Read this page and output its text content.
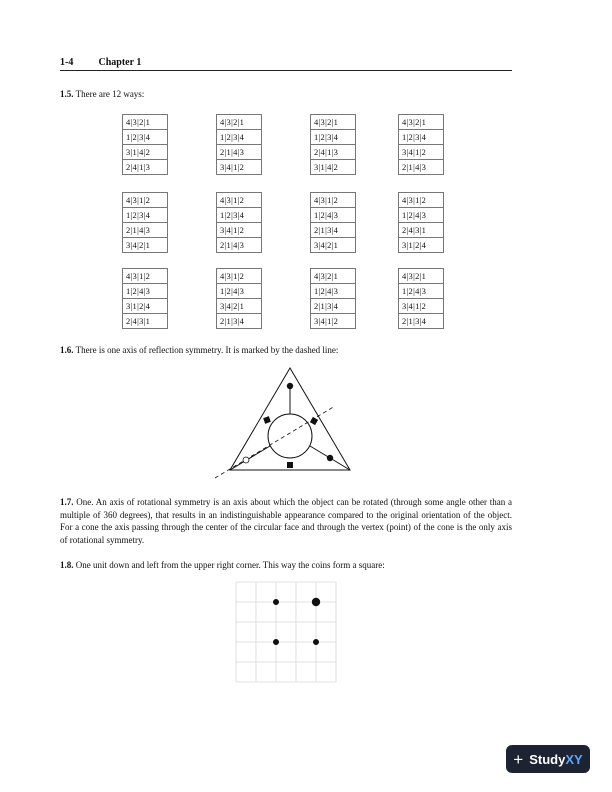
1-4	Chapter 1
1.5. There are 12 ways:
4|3|2|1
1|2|3|4
3|1|4|2
2|4|1|3
4|3|2|1
1|2|3|4
2|1|4|3
3|4|1|2
4|3|2|1
1|2|3|4
2|4|1|3
3|1|4|2
4|3|2|1
1|2|3|4
3|4|1|2
2|1|4|3
4|3|1|2
1|2|3|4
2|1|4|3
3|4|2|1
4|3|1|2
1|2|3|4
3|4|1|2
2|1|4|3
4|3|1|2
1|2|4|3
2|1|3|4
3|4|2|1
4|3|1|2
1|2|4|3
2|4|3|1
3|1|2|4
4|3|1|2
1|2|4|3
3|1|2|4
2|4|3|1
4|3|1|2
1|2|4|3
3|4|2|1
2|1|3|4
4|3|2|1
1|2|4|3
2|1|3|4
3|4|1|2
4|3|2|1
1|2|4|3
3|4|1|2
2|1|3|4
1.6. There is one axis of reflection symmetry. It is marked by the dashed line:
1.7. One. An axis of rotational symmetry is an axis about which the object can be rotated (through some angle other than a multiple of 360 degrees), that results in an indistinguishable appearance compared to the original orientation of the object. For a cone the axis passing through the center of the circular face and through the vertex (point) of the cone is the only axis of rotational symmetry.
1.8. One unit down and left from the upper right corner. This way the coins form a square:
+ StudyXY
